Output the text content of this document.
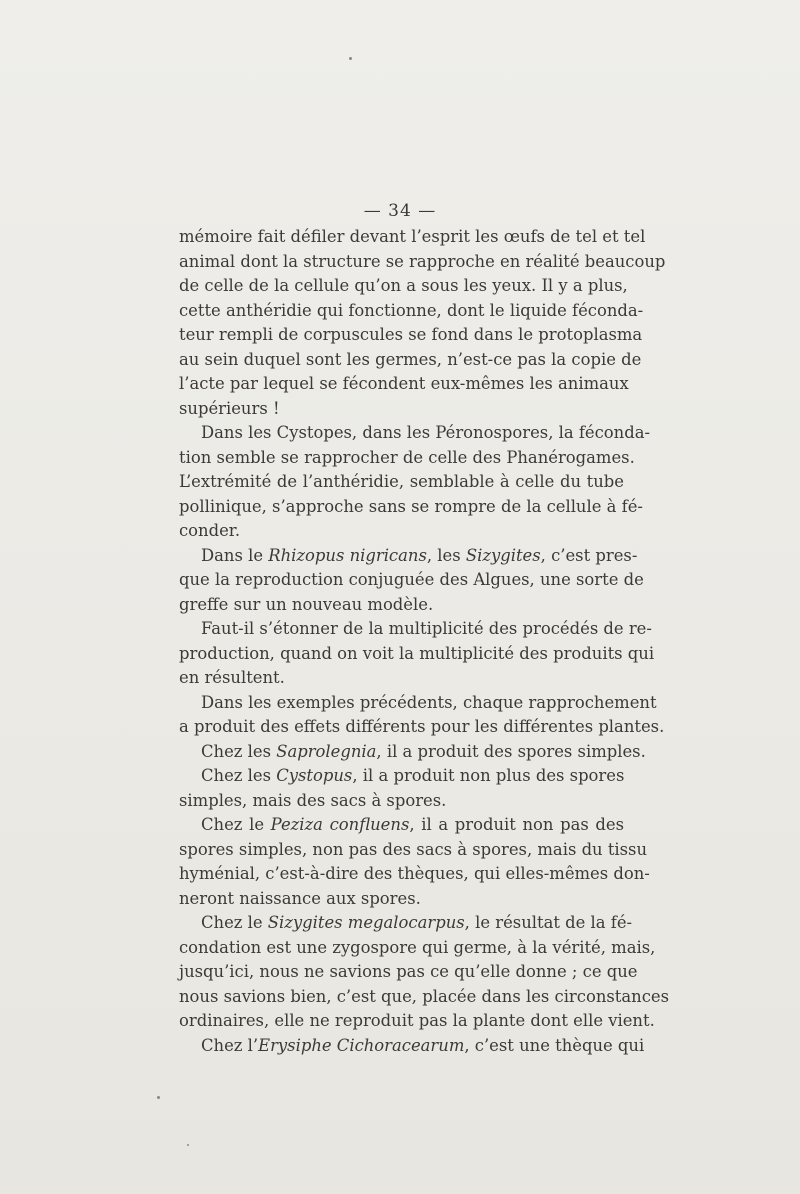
— 34 —
mémoire fait défiler devant l’esprit les œufs de tel et tel
animal dont la structure se rapproche en réalité beaucoup
de celle de la cellule qu’on a sous les yeux. Il y a plus,
cette anthéridie qui fonctionne, dont le liquide féconda-
teur rempli de corpuscules se fond dans le protoplasma
au sein duquel sont les germes, n’est-ce pas la copie de
l’acte par lequel se fécondent eux-mêmes les animaux
supérieurs !
Dans les Cystopes, dans les Péronospores, la féconda-
tion semble se rapprocher de celle des Phanérogames.
L’extrémité de l’anthéridie, semblable à celle du tube
pollinique, s’approche sans se rompre de la cellule à fé-
conder.
Dans le Rhizopus nigricans, les Sizygites, c’est pres-
que la reproduction conjuguée des Algues, une sorte de
greffe sur un nouveau modèle.
Faut-il s’étonner de la multiplicité des procédés de re-
production, quand on voit la multiplicité des produits qui
en résultent.
Dans les exemples précédents, chaque rapprochement
a produit des effets différents pour les différentes plantes.
Chez les Saprolegnia, il a produit des spores simples.
Chez les Cystopus, il a produit non plus des spores
simples, mais des sacs à spores.
Chez le Peziza confluens, il a produit non pas des
spores simples, non pas des sacs à spores, mais du tissu
hyménial, c’est-à-dire des thèques, qui elles-mêmes don-
neront naissance aux spores.
Chez le Sizygites megalocarpus, le résultat de la fé-
condation est une zygospore qui germe, à la vérité, mais,
jusqu’ici, nous ne savions pas ce qu’elle donne ; ce que
nous savions bien, c’est que, placée dans les circonstances
ordinaires, elle ne reproduit pas la plante dont elle vient.
Chez l’Erysiphe Cichoracearum, c’est une thèque qui
